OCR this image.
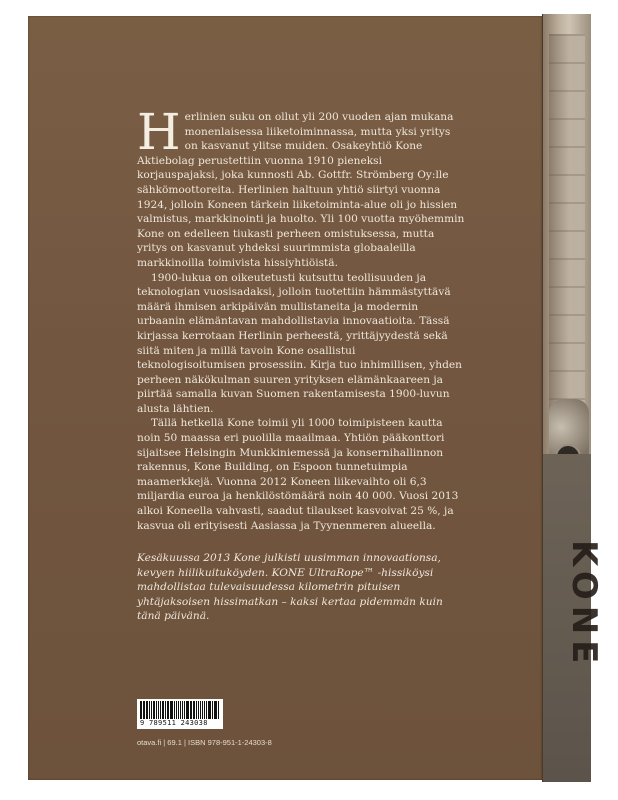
KONE

Herlinien suku on ollut yli 200 vuoden ajan mukana monenlaisessa liiketoiminnassa, mutta yksi yritys on kasvanut ylitse muiden. Osakeyhtiö Kone Aktiebolag perustettiin vuonna 1910 pieneksi korjauspajaksi, joka kunnosti Ab. Gottfr. Strömberg Oy:lle sähkömoottoreita. Herlinien haltuun yhtiö siirtyi vuonna 1924, jolloin Koneen tärkein liiketoiminta-alue oli jo hissien valmistus, markkinointi ja huolto. Yli 100 vuotta myöhemmin Kone on edelleen tiukasti perheen omistuksessa, mutta yritys on kasvanut yhdeksi suurimmista globaaleilla markkinoilla toimivista hissiyhtiöistä.

1900-lukua on oikeutetusti kutsuttu teollisuuden ja teknologian vuosisadaksi, jolloin tuotettiin hämmästyttävä määrä ihmisen arkipäivän mullistaneita ja modernin urbaanin elämäntavan mahdollistavia innovaatioita. Tässä kirjassa kerrotaan Herlinin perheestä, yrittäjyydestä sekä siitä miten ja millä tavoin Kone osallistui teknologisoitumisen prosessiin. Kirja tuo inhimillisen, yhden perheen näkökulman suuren yrityksen elämänkaareen ja piirtää samalla kuvan Suomen rakentamisesta 1900-luvun alusta lähtien.

Tällä hetkellä Kone toimii yli 1000 toimipisteen kautta noin 50 maassa eri puolilla maailmaa. Yhtiön pääkonttori sijaitsee Helsingin Munkkiniemessä ja konsernihallinnon rakennus, Kone Building, on Espoon tunnetuimpia maamerkkejä. Vuonna 2012 Koneen liikevaihto oli 6,3 miljardia euroa ja henkilöstömäärä noin 40 000. Vuosi 2013 alkoi Koneella vahvasti, saadut tilaukset kasvoivat 25 %, ja kasvua oli erityisesti Aasiassa ja Tyynenmeren alueella.

Kesäkuussa 2013 Kone julkisti uusimman innovaationsa, kevyen hiilikuituköyden. KONE UltraRope™ -hissiköysi mahdollistaa tulevaisuudessa kilometrin pituisen yhtäjaksoisen hissimatkan – kaksi kertaa pidemmän kuin tänä päivänä.
9 789511 243038
otava.fi | 69.1 | ISBN 978-951-1-24303-8
